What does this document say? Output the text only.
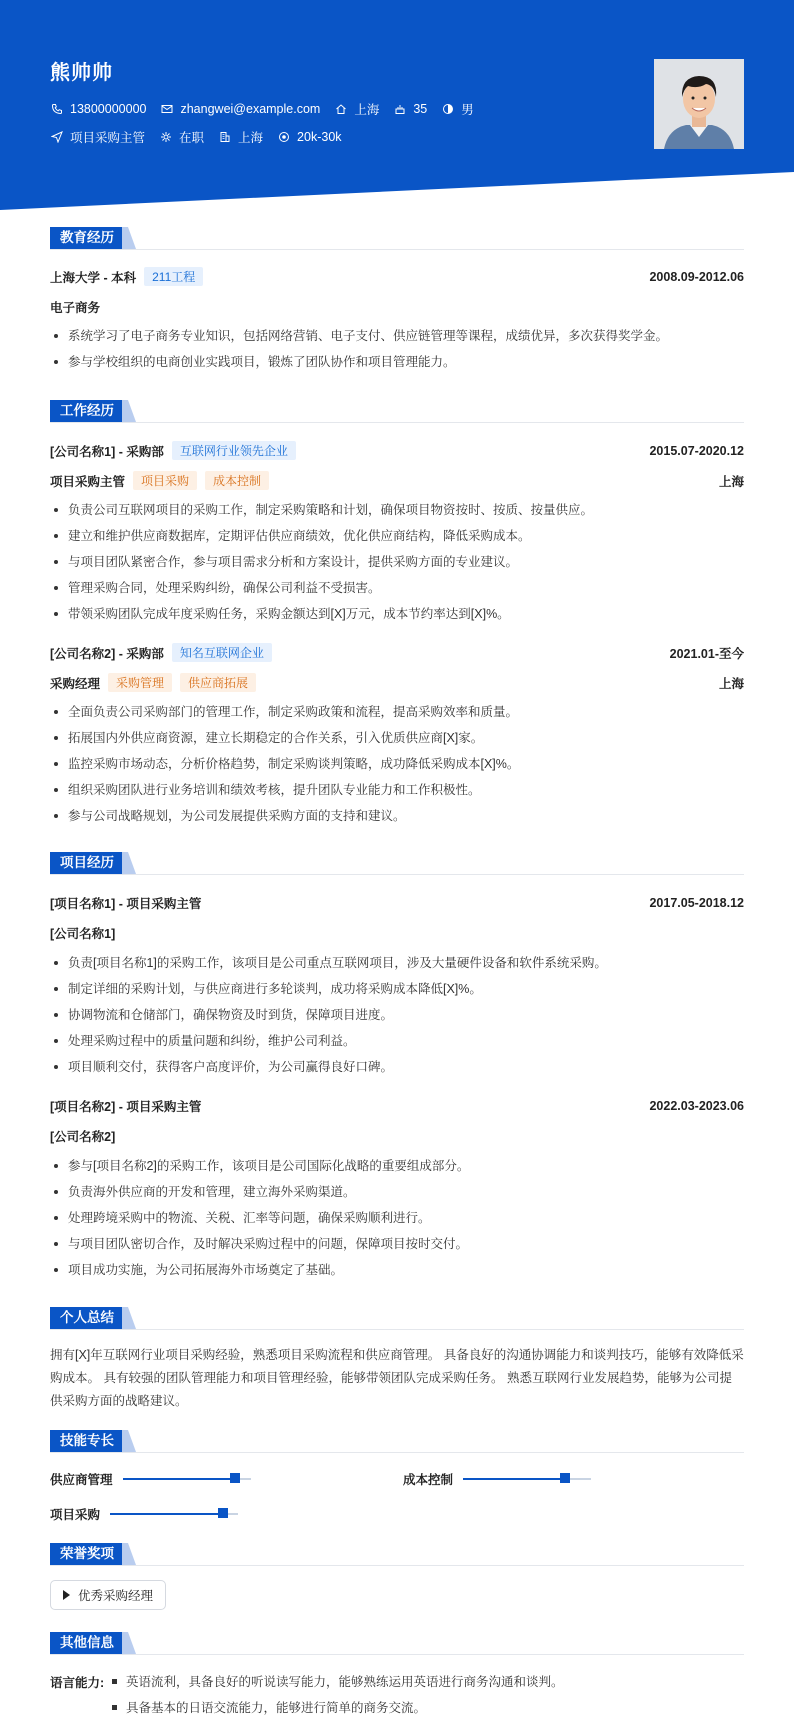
熊帅帅
13800000000	zhangwei@example.com	上海	35	男
项目采购主管	在职	上海	20k-30k
教育经历
上海大学 - 本科	211工程	2008.09-2012.06
电子商务
系统学习了电子商务专业知识，包括网络营销、电子支付、供应链管理等课程，成绩优异，多次获得奖学金。
参与学校组织的电商创业实践项目，锻炼了团队协作和项目管理能力。
工作经历
[公司名称1] - 采购部	互联网行业领先企业	2015.07-2020.12
项目采购主管	项目采购	成本控制	上海
负责公司互联网项目的采购工作，制定采购策略和计划，确保项目物资按时、按质、按量供应。
建立和维护供应商数据库，定期评估供应商绩效，优化供应商结构，降低采购成本。
与项目团队紧密合作，参与项目需求分析和方案设计，提供采购方面的专业建议。
管理采购合同，处理采购纠纷，确保公司利益不受损害。
带领采购团队完成年度采购任务，采购金额达到[X]万元，成本节约率达到[X]%。
[公司名称2] - 采购部	知名互联网企业	2021.01-至今
采购经理	采购管理	供应商拓展	上海
全面负责公司采购部门的管理工作，制定采购政策和流程，提高采购效率和质量。
拓展国内外供应商资源，建立长期稳定的合作关系，引入优质供应商[X]家。
监控采购市场动态，分析价格趋势，制定采购谈判策略，成功降低采购成本[X]%。
组织采购团队进行业务培训和绩效考核，提升团队专业能力和工作积极性。
参与公司战略规划，为公司发展提供采购方面的支持和建议。
项目经历
[项目名称1] - 项目采购主管	2017.05-2018.12
[公司名称1]
负责[项目名称1]的采购工作，该项目是公司重点互联网项目，涉及大量硬件设备和软件系统采购。
制定详细的采购计划，与供应商进行多轮谈判，成功将采购成本降低[X]%。
协调物流和仓储部门，确保物资及时到货，保障项目进度。
处理采购过程中的质量问题和纠纷，维护公司利益。
项目顺利交付，获得客户高度评价，为公司赢得良好口碑。
[项目名称2] - 项目采购主管	2022.03-2023.06
[公司名称2]
参与[项目名称2]的采购工作，该项目是公司国际化战略的重要组成部分。
负责海外供应商的开发和管理，建立海外采购渠道。
处理跨境采购中的物流、关税、汇率等问题，确保采购顺利进行。
与项目团队密切合作，及时解决采购过程中的问题，保障项目按时交付。
项目成功实施，为公司拓展海外市场奠定了基础。
个人总结
拥有[X]年互联网行业项目采购经验，熟悉项目采购流程和供应商管理。 具备良好的沟通协调能力和谈判技巧，能够有效降低采购成本。 具有较强的团队管理能力和项目管理经验，能够带领团队完成采购任务。 熟悉互联网行业发展趋势，能够为公司提供采购方面的战略建议。
技能专长
供应商管理	成本控制
项目采购
荣誉奖项
优秀采购经理
其他信息
语言能力:	英语流利，具备良好的听说读写能力，能够熟练运用英语进行商务沟通和谈判。
具备基本的日语交流能力，能够进行简单的商务交流。
